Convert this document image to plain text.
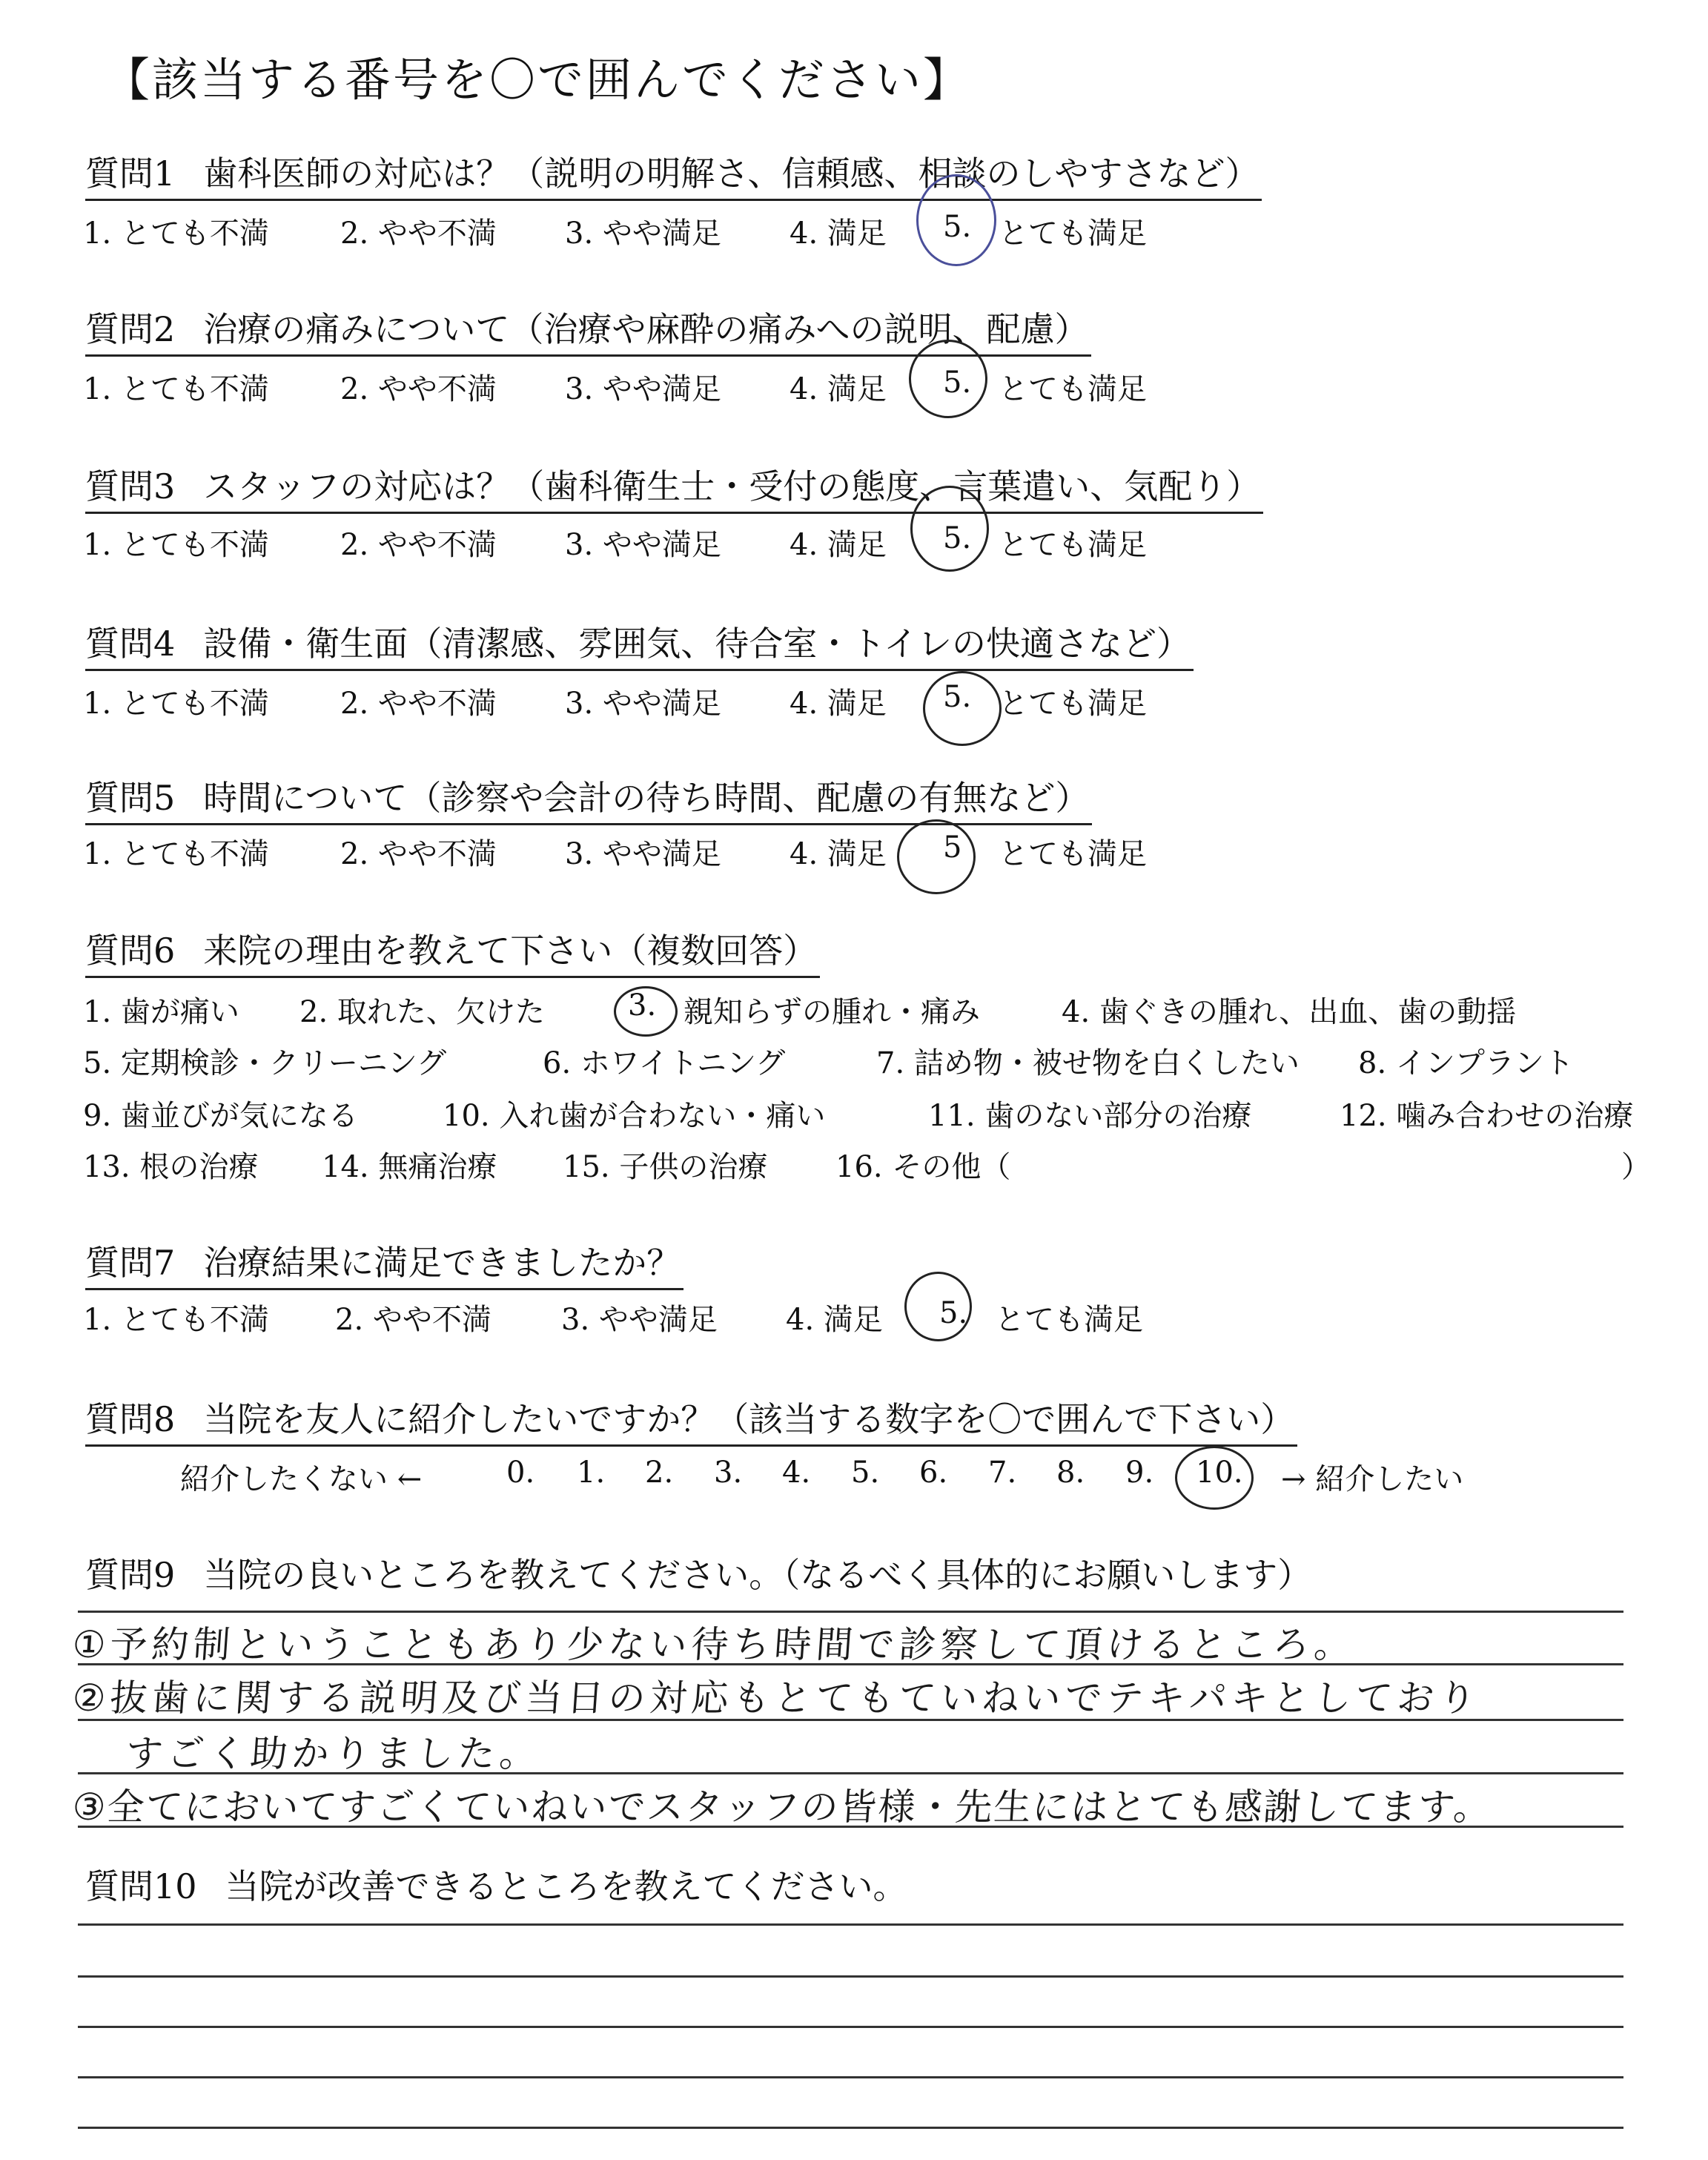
【該当する番号を〇で囲んでください】
質問1 歯科医師の対応は？（説明の明解さ、信頼感、相談のしやすさなど）
1. とても不満 2. やや不満 3. やや満足 4. 満足 5. とても満足
質問2 治療の痛みについて（治療や麻酔の痛みへの説明、配慮）
1. とても不満 2. やや不満 3. やや満足 4. 満足 5. とても満足
質問3 スタッフの対応は？（歯科衛生士・受付の態度、言葉遣い、気配り）
1. とても不満 2. やや不満 3. やや満足 4. 満足 5. とても満足
質問4 設備・衛生面（清潔感、雰囲気、待合室・トイレの快適さなど）
1. とても不満 2. やや不満 3. やや満足 4. 満足 5. とても満足
質問5 時間について（診察や会計の待ち時間、配慮の有無など）
1. とても不満 2. やや不満 3. やや満足 4. 満足 5 とても満足
質問6 来院の理由を教えて下さい（複数回答）
1. 歯が痛い 2. 取れた、欠けた	3. 親知らずの腫れ・痛み	4. 歯ぐきの腫れ、出血、歯の動揺
5. 定期検診・クリーニング	6. ホワイトニング	7. 詰め物・被せ物を白くしたい 8. インプラント
9. 歯並びが気になる	10. 入れ歯が合わない・痛い	11. 歯のない部分の治療	12. 噛み合わせの治療
13. 根の治療 14. 無痛治療 15. 子供の治療 16. その他（	）
質問7 治療結果に満足できましたか？
1. とても不満 2. やや不満 3. やや満足 4. 満足 5. とても満足
質問8 当院を友人に紹介したいですか？（該当する数字を〇で囲んで下さい）
紹介したくない ←	0. 1. 2. 3. 4. 5. 6. 7. 8. 9. 10. → 紹介したい
質問9 当院の良いところを教えてください。（なるべく具体的にお願いします）
①予約制ということもあり少ない待ち時間で診察して頂けるところ。
②抜歯に関する説明及び当日の対応もとてもていねいでテキパキとしており
すごく助かりました。
③全てにおいてすごくていねいでスタッフの皆様・先生にはとても感謝してます。
質問10 当院が改善できるところを教えてください。
